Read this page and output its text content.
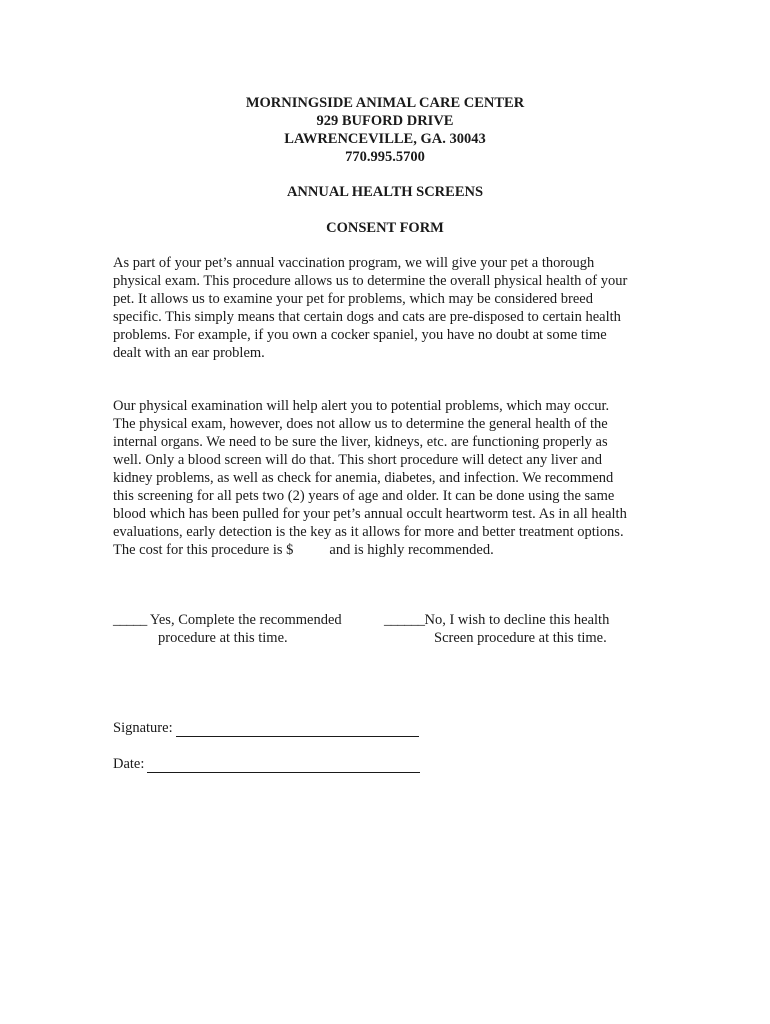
MORNINGSIDE ANIMAL CARE CENTER
929 BUFORD DRIVE
LAWRENCEVILLE, GA. 30043
770.995.5700
ANNUAL HEALTH SCREENS
CONSENT FORM
As part of your pet’s annual vaccination program, we will give your pet a thorough
physical exam. This procedure allows us to determine the overall physical health of your
pet. It allows us to examine your pet for problems, which may be considered breed
specific. This simply means that certain dogs and cats are pre-disposed to certain health
problems. For example, if you own a cocker spaniel, you have no doubt at some time
dealt with an ear problem.
Our physical examination will help alert you to potential problems, which may occur.
The physical exam, however, does not allow us to determine the general health of the
internal organs. We need to be sure the liver, kidneys, etc. are functioning properly as
well. Only a blood screen will do that. This short procedure will detect any liver and
kidney problems, as well as check for anemia, diabetes, and infection. We recommend
this screening for all pets two (2) years of age and older. It can be done using the same
blood which has been pulled for your pet’s annual occult heartworm test. As in all health
evaluations, early detection is the key as it allows for more and better treatment options.
The cost for this procedure is $ and is highly recommended.
_____ Yes, Complete the recommended
procedure at this time.
______No, I wish to decline this health
Screen procedure at this time.
Signature:
Date:
